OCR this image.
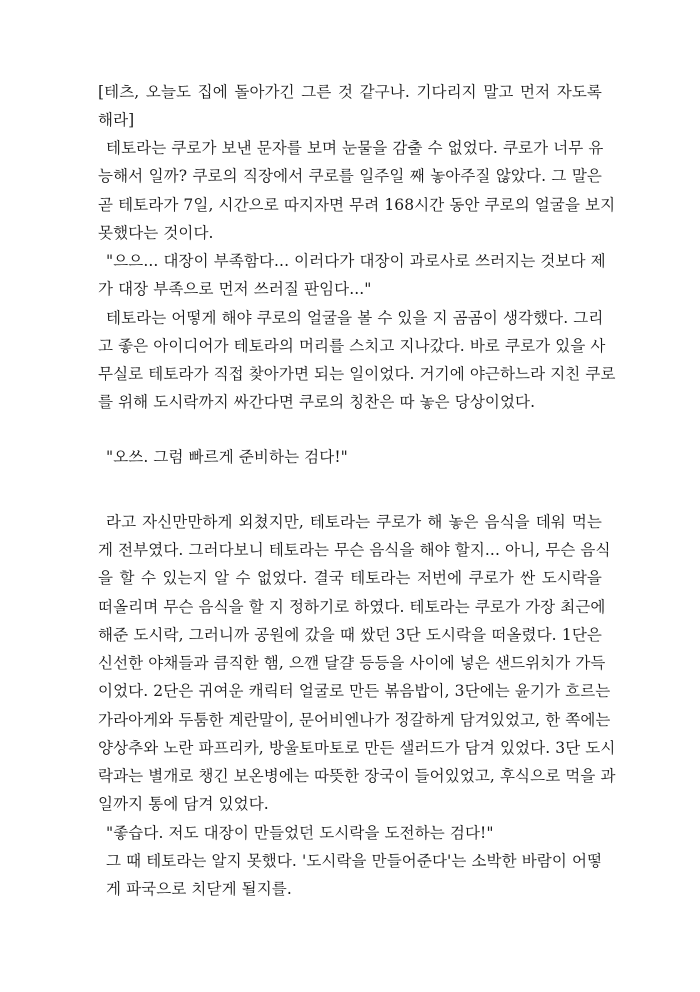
[테츠, 오늘도 집에 돌아가긴 그른 것 같구나. 기다리지 말고 먼저 자도록
해라]
테토라는 쿠로가 보낸 문자를 보며 눈물을 감출 수 없었다. 쿠로가 너무 유
능해서 일까? 쿠로의 직장에서 쿠로를 일주일 째 놓아주질 않았다. 그 말은
곧 테토라가 7일, 시간으로 따지자면 무려 168시간 동안 쿠로의 얼굴을 보지
못했다는 것이다.
"으으... 대장이 부족함다... 이러다가 대장이 과로사로 쓰러지는 것보다 제
가 대장 부족으로 먼저 쓰러질 판임다..."
테토라는 어떻게 해야 쿠로의 얼굴을 볼 수 있을 지 곰곰이 생각했다. 그리
고 좋은 아이디어가 테토라의 머리를 스치고 지나갔다. 바로 쿠로가 있을 사
무실로 테토라가 직접 찾아가면 되는 일이었다. 거기에 야근하느라 지친 쿠로
를 위해 도시락까지 싸간다면 쿠로의 칭찬은 따 놓은 당상이었다.
"오쓰. 그럼 빠르게 준비하는 검다!"
라고 자신만만하게 외쳤지만, 테토라는 쿠로가 해 놓은 음식을 데워 먹는
게 전부였다. 그러다보니 테토라는 무슨 음식을 해야 할지... 아니, 무슨 음식
을 할 수 있는지 알 수 없었다. 결국 테토라는 저번에 쿠로가 싼 도시락을
떠올리며 무슨 음식을 할 지 정하기로 하였다. 테토라는 쿠로가 가장 최근에
해준 도시락, 그러니까 공원에 갔을 때 쌌던 3단 도시락을 떠올렸다. 1단은
신선한 야채들과 큼직한 햄, 으깬 달걀 등등을 사이에 넣은 샌드위치가 가득
이었다. 2단은 귀여운 캐릭터 얼굴로 만든 볶음밥이, 3단에는 윤기가 흐르는
가라아게와 두툼한 계란말이, 문어비엔나가 정갈하게 담겨있었고, 한 쪽에는
양상추와 노란 파프리카, 방울토마토로 만든 샐러드가 담겨 있었다. 3단 도시
락과는 별개로 챙긴 보온병에는 따뜻한 장국이 들어있었고, 후식으로 먹을 과
일까지 통에 담겨 있었다.
"좋습다. 저도 대장이 만들었던 도시락을 도전하는 검다!"
그 때 테토라는 알지 못했다. '도시락을 만들어준다'는 소박한 바람이 어떻
게 파국으로 치닫게 될지를.
